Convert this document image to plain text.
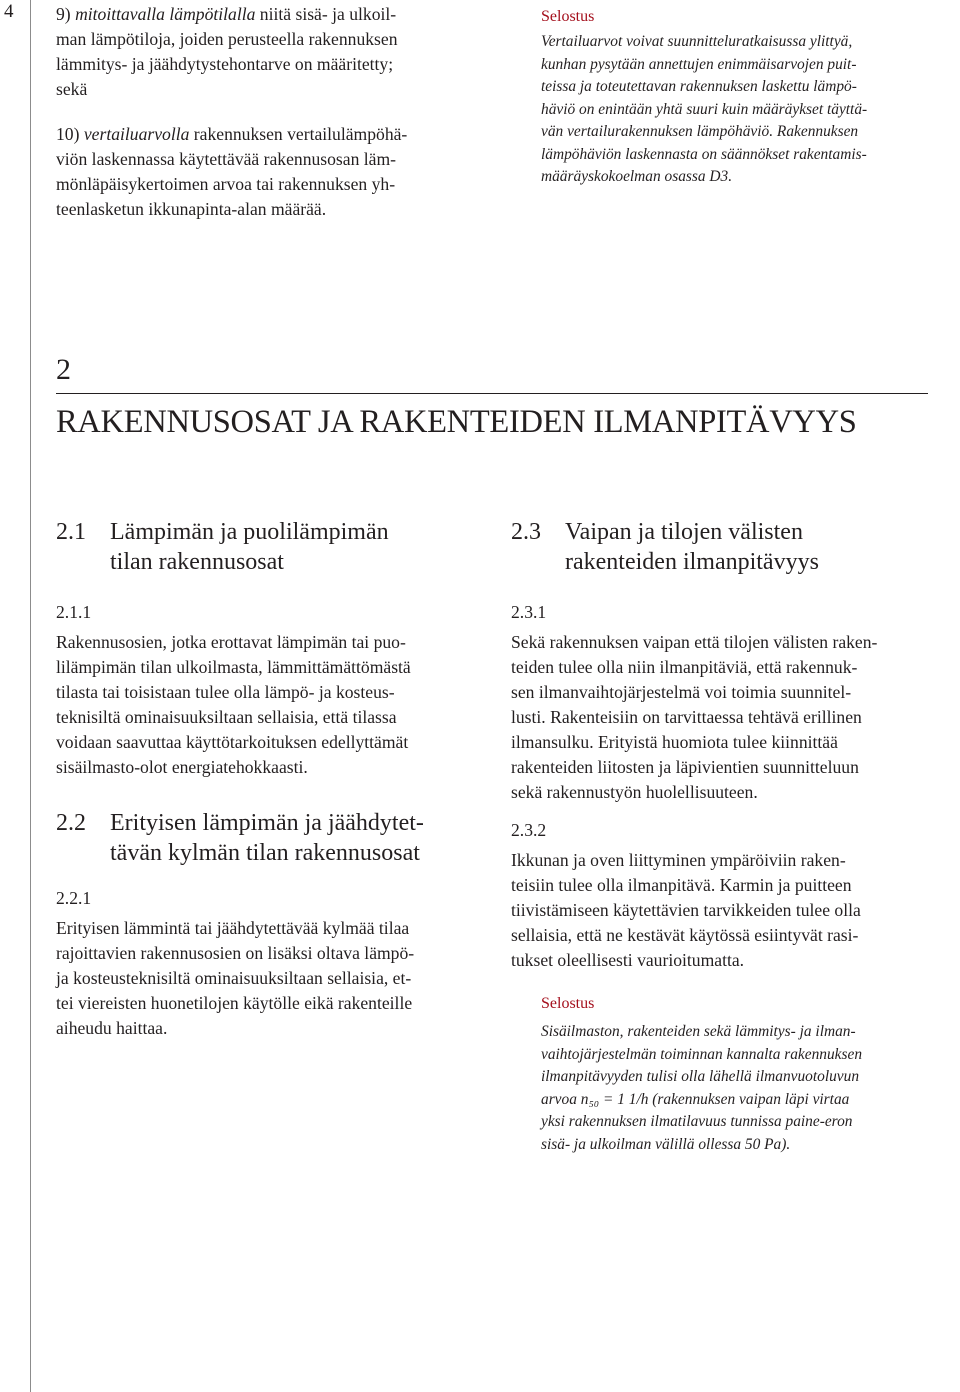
4 9) mitoittavalla lämpötilalla niitä sisä- ja ulkoil-
man lämpötiloja, joiden perusteella rakennuksen
lämmitys- ja jäähdytystehontarve on määritetty;
sekä

10) vertailuarvolla rakennuksen vertailulämpöhä-
viön laskennassa käytettävää rakennusosan läm-
mönläpäisykertoimen arvoa tai rakennuksen yh-
teenlasketun ikkunapinta-alan määrää.

Selostus
Vertailuarvot voivat suunnitteluratkaisussa ylittyä,
kunhan pysytään annettujen enimmäisarvojen puit-
teissa ja toteutettavan rakennuksen laskettu lämpö-
häviö on enintään yhtä suuri kuin määräykset täyttä-
vän vertailurakennuksen lämpöhäviö. Rakennuksen
lämpöhäviön laskennasta on säännökset rakentamis-
määräyskokoelman osassa D3.
2
RAKENNUSOSAT JA RAKENTEIDEN ILMANPITÄVYYS
2.1 Lämpimän ja puolilämpimän
tilan rakennusosat
2.1.1
Rakennusosien, jotka erottavat lämpimän tai puo-
lilämpimän tilan ulkoilmasta, lämmittämättömästä
tilasta tai toisistaan tulee olla lämpö- ja kosteus-
teknisiltä ominaisuuksiltaan sellaisia, että tilassa
voidaan saavuttaa käyttötarkoituksen edellyttämät
sisäilmasto-olot energiatehokkaasti.
2.2 Erityisen lämpimän ja jäähdytet-
tävän kylmän tilan rakennusosat
2.2.1
Erityisen lämmintä tai jäähdytettävää kylmää tilaa
rajoittavien rakennusosien on lisäksi oltava lämpö-
ja kosteusteknisiltä ominaisuuksiltaan sellaisia, et-
tei viereisten huonetilojen käytölle eikä rakenteille
aiheudu haittaa.
2.3 Vaipan ja tilojen välisten
rakenteiden ilmanpitävyys
2.3.1
Sekä rakennuksen vaipan että tilojen välisten raken-
teiden tulee olla niin ilmanpitäviä, että rakennuk-
sen ilmanvaihtojärjestelmä voi toimia suunnitel-
lusti. Rakenteisiin on tarvittaessa tehtävä erillinen
ilmansulku. Erityistä huomiota tulee kiinnittää
rakenteiden liitosten ja läpivientien suunnitteluun
sekä rakennustyön huolellisuuteen.
2.3.2
Ikkunan ja oven liittyminen ympäröiviin raken-
teisiin tulee olla ilmanpitävä. Karmin ja puitteen
tiivistämiseen käytettävien tarvikkeiden tulee olla
sellaisia, että ne kestävät käytössä esiintyvät rasi-
tukset oleellisesti vaurioitumatta.
Selostus
Sisäilmaston, rakenteiden sekä lämmitys- ja ilman-
vaihtojärjestelmän toiminnan kannalta rakennuksen
ilmanpitävyyden tulisi olla lähellä ilmanvuotoluvun
arvoa n₅₀ = 1 1/h (rakennuksen vaipan läpi virtaa
yksi rakennuksen ilmatilavuus tunnissa paine-eron
sisä- ja ulkoilman välillä ollessa 50 Pa).
